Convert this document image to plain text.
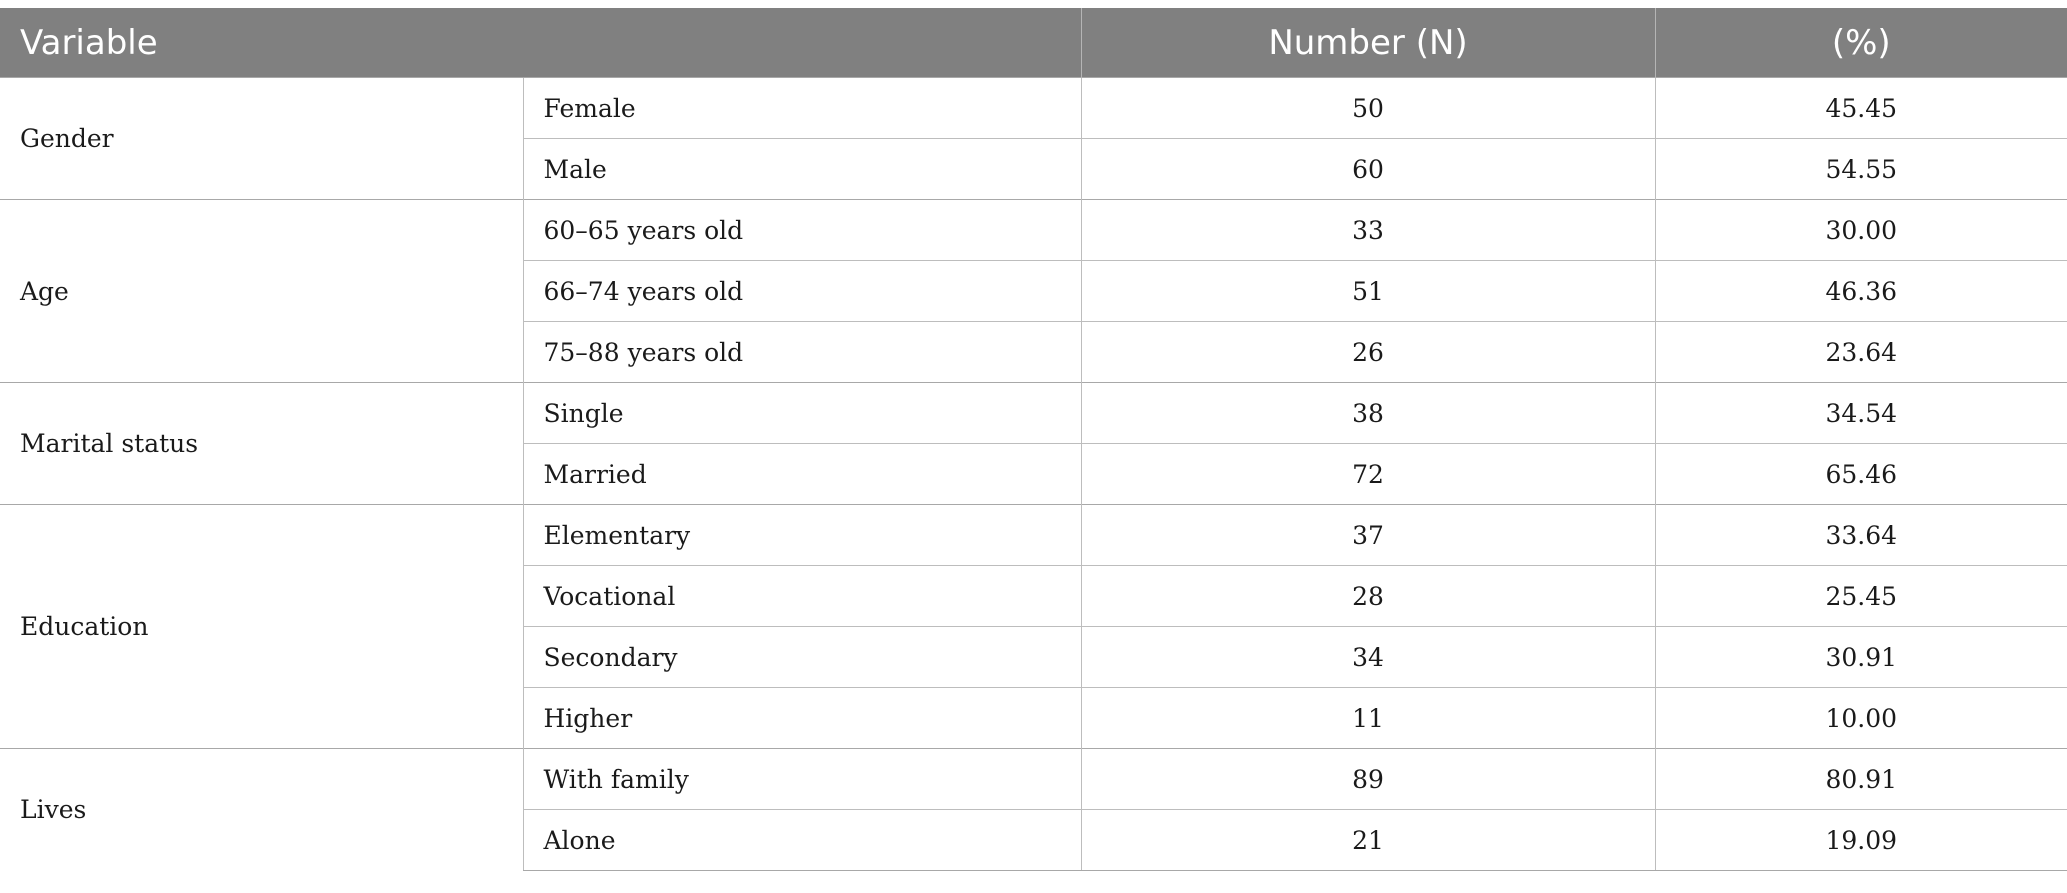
Variable		Number (N)	(%)
Gender	Female	50	45.45
	Male	60	54.55
Age	60–65 years old	33	30.00
	66–74 years old	51	46.36
	75–88 years old	26	23.64
Marital status	Single	38	34.54
	Married	72	65.46
Education	Elementary	37	33.64
	Vocational	28	25.45
	Secondary	34	30.91
	Higher	11	10.00
Lives	With family	89	80.91
	Alone	21	19.09
